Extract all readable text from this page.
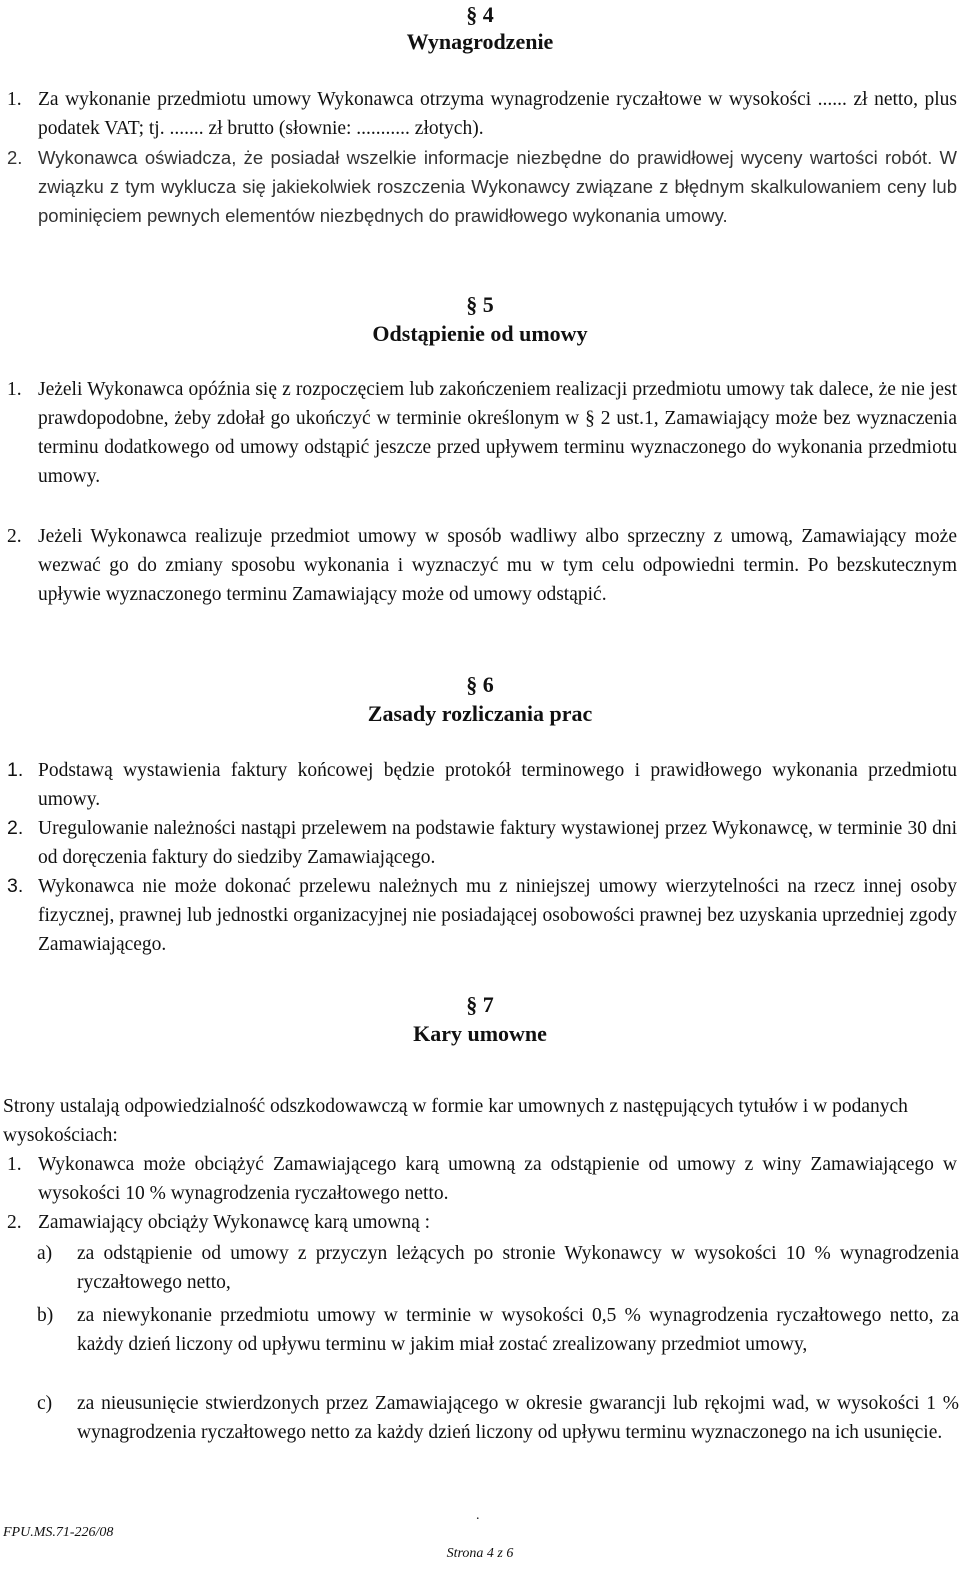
§ 4
Wynagrodzenie
1. Za wykonanie przedmiotu umowy Wykonawca otrzyma wynagrodzenie ryczałtowe w wysokości ...... zł netto, plus podatek VAT; tj. ....... zł brutto (słownie: ........... złotych).
2. Wykonawca oświadcza, że posiadał wszelkie informacje niezbędne do prawidłowej wyceny wartości robót. W związku z tym wyklucza się jakiekolwiek roszczenia Wykonawcy związane z błędnym skalkulowaniem ceny lub pominięciem pewnych elementów niezbędnych do prawidłowego wykonania umowy.
§ 5
Odstąpienie od umowy
1. Jeżeli Wykonawca opóźnia się z rozpoczęciem lub zakończeniem realizacji przedmiotu umowy tak dalece, że nie jest prawdopodobne, żeby zdołał go ukończyć w terminie określonym w § 2 ust.1, Zamawiający może bez wyznaczenia terminu dodatkowego od umowy odstąpić jeszcze przed upływem terminu wyznaczonego do wykonania przedmiotu umowy.
2. Jeżeli Wykonawca realizuje przedmiot umowy w sposób wadliwy albo sprzeczny z umową, Zamawiający może wezwać go do zmiany sposobu wykonania i wyznaczyć mu w tym celu odpowiedni termin. Po bezskutecznym upływie wyznaczonego terminu Zamawiający może od umowy odstąpić.
§ 6
Zasady rozliczania prac
1. Podstawą wystawienia faktury końcowej będzie protokół terminowego i prawidłowego wykonania przedmiotu umowy.
2. Uregulowanie należności nastąpi przelewem na podstawie faktury wystawionej przez Wykonawcę, w terminie 30 dni od doręczenia faktury do siedziby Zamawiającego.
3. Wykonawca nie może dokonać przelewu należnych mu z niniejszej umowy wierzytelności na rzecz innej osoby fizycznej, prawnej lub jednostki organizacyjnej nie posiadającej osobowości prawnej bez uzyskania uprzedniej zgody Zamawiającego.
§ 7
Kary umowne
Strony ustalają odpowiedzialność odszkodowawczą w formie kar umownych z następujących tytułów i w podanych wysokościach:
1. Wykonawca może obciążyć Zamawiającego karą umowną za odstąpienie od umowy z winy Zamawiającego w wysokości 10 % wynagrodzenia ryczałtowego netto.
2. Zamawiający obciąży Wykonawcę karą umowną :
a) za odstąpienie od umowy z przyczyn leżących po stronie Wykonawcy w wysokości 10 % wynagrodzenia ryczałtowego netto,
b) za niewykonanie przedmiotu umowy w terminie w wysokości 0,5 % wynagrodzenia ryczałtowego netto, za każdy dzień liczony od upływu terminu w jakim miał zostać zrealizowany przedmiot umowy,
c) za nieusunięcie stwierdzonych przez Zamawiającego w okresie gwarancji lub rękojmi wad, w wysokości 1 % wynagrodzenia ryczałtowego netto za każdy dzień liczony od upływu terminu wyznaczonego na ich usunięcie.
.
FPU.MS.71-226/08
Strona 4 z 6
